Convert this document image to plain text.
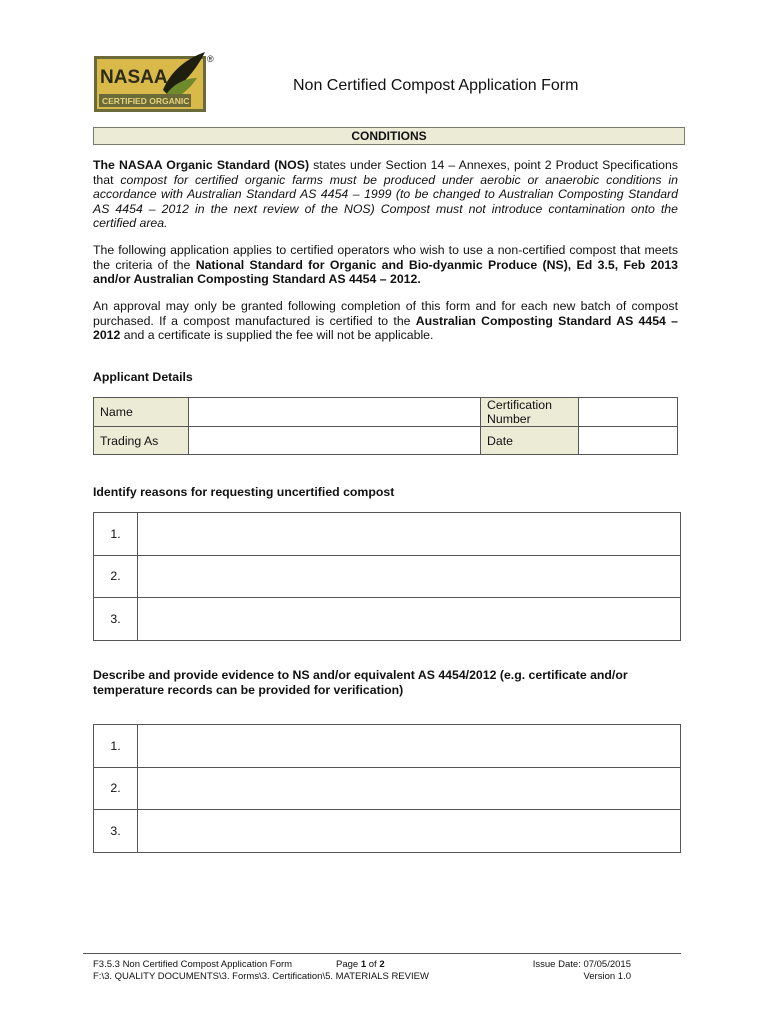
NASAA
CERTIFIED ORGANIC
®
Non Certified Compost Application Form
CONDITIONS

The NASAA Organic Standard (NOS) states under Section 14 – Annexes, point 2 Product Specifications that compost for certified organic farms must be produced under aerobic or anaerobic conditions in accordance with Australian Standard AS 4454 – 1999 (to be changed to Australian Composting Standard AS 4454 – 2012 in the next review of the NOS) Compost must not introduce contamination onto the certified area.

The following application applies to certified operators who wish to use a non-certified compost that meets the criteria of the National Standard for Organic and Bio-dyanmic Produce (NS), Ed 3.5, Feb 2013 and/or Australian Composting Standard AS 4454 – 2012.

An approval may only be granted following completion of this form and for each new batch of compost purchased. If a compost manufactured is certified to the Australian Composting Standard AS 4454 – 2012 and a certificate is supplied the fee will not be applicable.

Applicant Details
Name		Certification Number	
Trading As		Date	
Identify reasons for requesting uncertified compost
1.	
2.	
3.	
Describe and provide evidence to NS and/or equivalent AS 4454/2012 (e.g. certificate and/or temperature records can be provided for verification)
1.	
2.	
3.	
F3.5.3 Non Certified Compost Application Form
F:\3. QUALITY DOCUMENTS\3. Forms\3. Certification\5. MATERIALS REVIEW
Page 1 of 2	Issue Date: 07/05/2015
Version 1.0
